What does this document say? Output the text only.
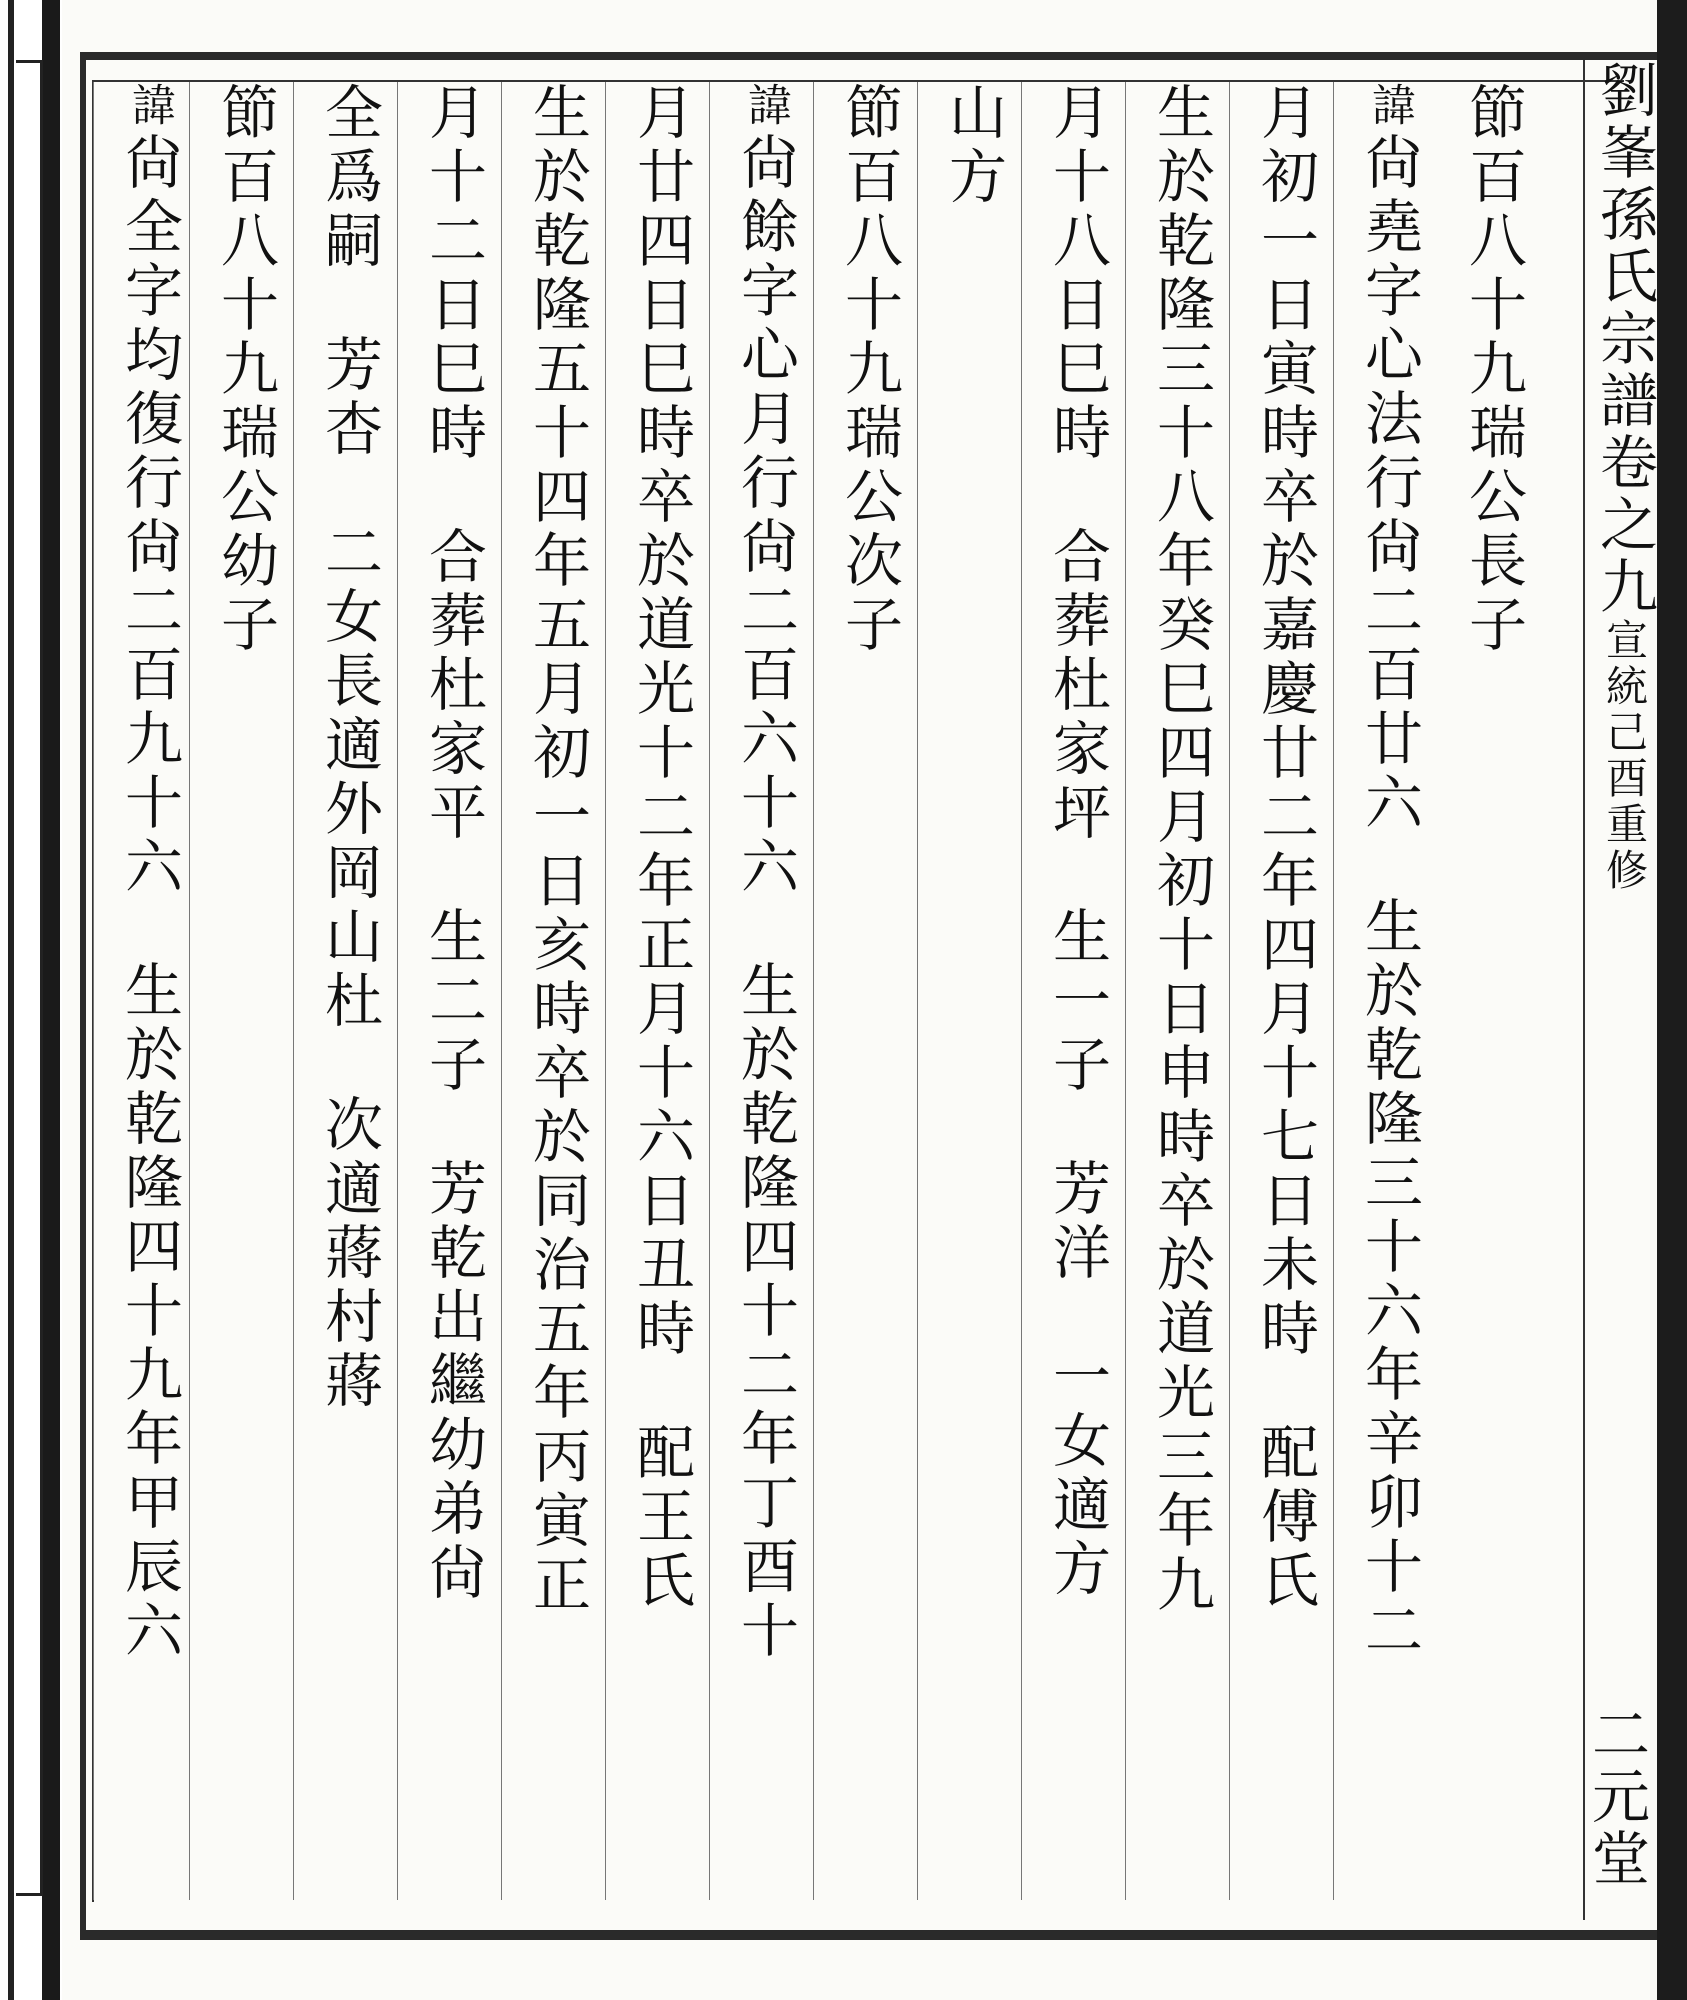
劉峯孫氏宗譜卷之九宣統己酉重修
二元堂
節百八十九瑞公長子
諱尙堯字心法行尙二百廿六生於乾隆三十六年辛卯十二
月初一日寅時卒於嘉慶廿二年四月十七日未時配傅氏
生於乾隆三十八年癸巳四月初十日申時卒於道光三年九
月十八日巳時合葬杜家坪生一子芳洋一女適方
山方
節百八十九瑞公次子
諱尙餘字心月行尙二百六十六生於乾隆四十二年丁酉十
月廿四日巳時卒於道光十二年正月十六日丑時配王氏
生於乾隆五十四年五月初一日亥時卒於同治五年丙寅正
月十二日巳時合葬杜家平生二子芳乾出繼幼弟尙
全爲嗣芳杏二女長適外岡山杜次適蔣村蔣
節百八十九瑞公幼子
諱尙全字均復行尙二百九十六生於乾隆四十九年甲辰六
